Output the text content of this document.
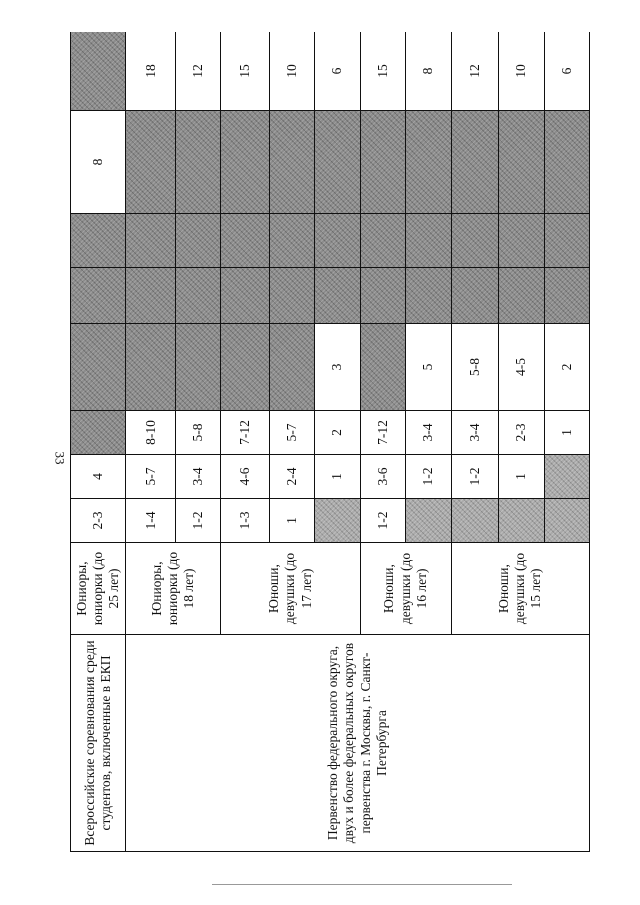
33
Всероссийские соревнования среди студентов, включенные в ЕКП	Юниоры, юниорки (до 25 лет)	2-3	4					8	
Первенство федерального округа, двух и более федеральных округов первенства г. Москвы, г. Санкт-Петербурга	Юниоры, юниорки (до 18 лет)	1-4	5-7	8-10					18
		1-2	3-4	5-8					12
	Юноши, девушки (до 17 лет)	1-3	4-6	7-12					15
		1	2-4	5-7					10
			1	2	3				6
	Юноши, девушки (до 16 лет)	1-2	3-6	7-12					15
			1-2	3-4	5				8
	Юноши, девушки (до 15 лет)		1-2	3-4	5-8				12
			1	2-3	4-5				10
				1	2				6
